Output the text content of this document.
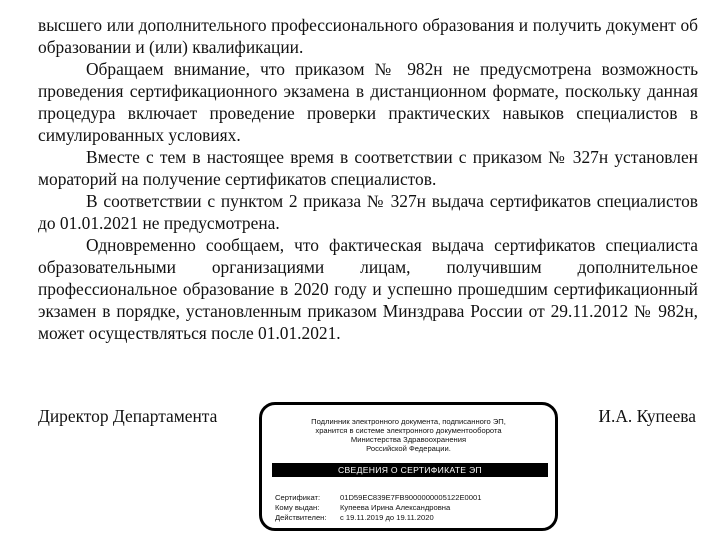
высшего или дополнительного профессионального образования и получить документ об образовании и (или) квалификации.

Обращаем внимание, что приказом № 982н не предусмотрена возможность проведения сертификационного экзамена в дистанционном формате, поскольку данная процедура включает проведение проверки практических навыков специалистов в симулированных условиях.

Вместе с тем в настоящее время в соответствии с приказом № 327н установлен мораторий на получение сертификатов специалистов.

В соответствии с пунктом 2 приказа № 327н выдача сертификатов специалистов до 01.01.2021 не предусмотрена.

Одновременно сообщаем, что фактическая выдача сертификатов специалиста образовательными организациями лицам, получившим дополнительное профессиональное образование в 2020 году и успешно прошедшим сертификационный экзамен в порядке, установленным приказом Минздрава России от 29.11.2012 № 982н, может осуществляться после 01.01.2021.

Директор Департамента	И.А. Купеева
Подлинник электронного документа, подписанного ЭП,
хранится в системе электронного документооборота
Министерства Здравоохранения
Российской Федерации.
СВЕДЕНИЯ О СЕРТИФИКАТЕ ЭП
Сертификат:	01D59EC839E7FB9000000005122E0001
Кому выдан:	Купеева Ирина Александровна
Действителен:	с 19.11.2019 до 19.11.2020
